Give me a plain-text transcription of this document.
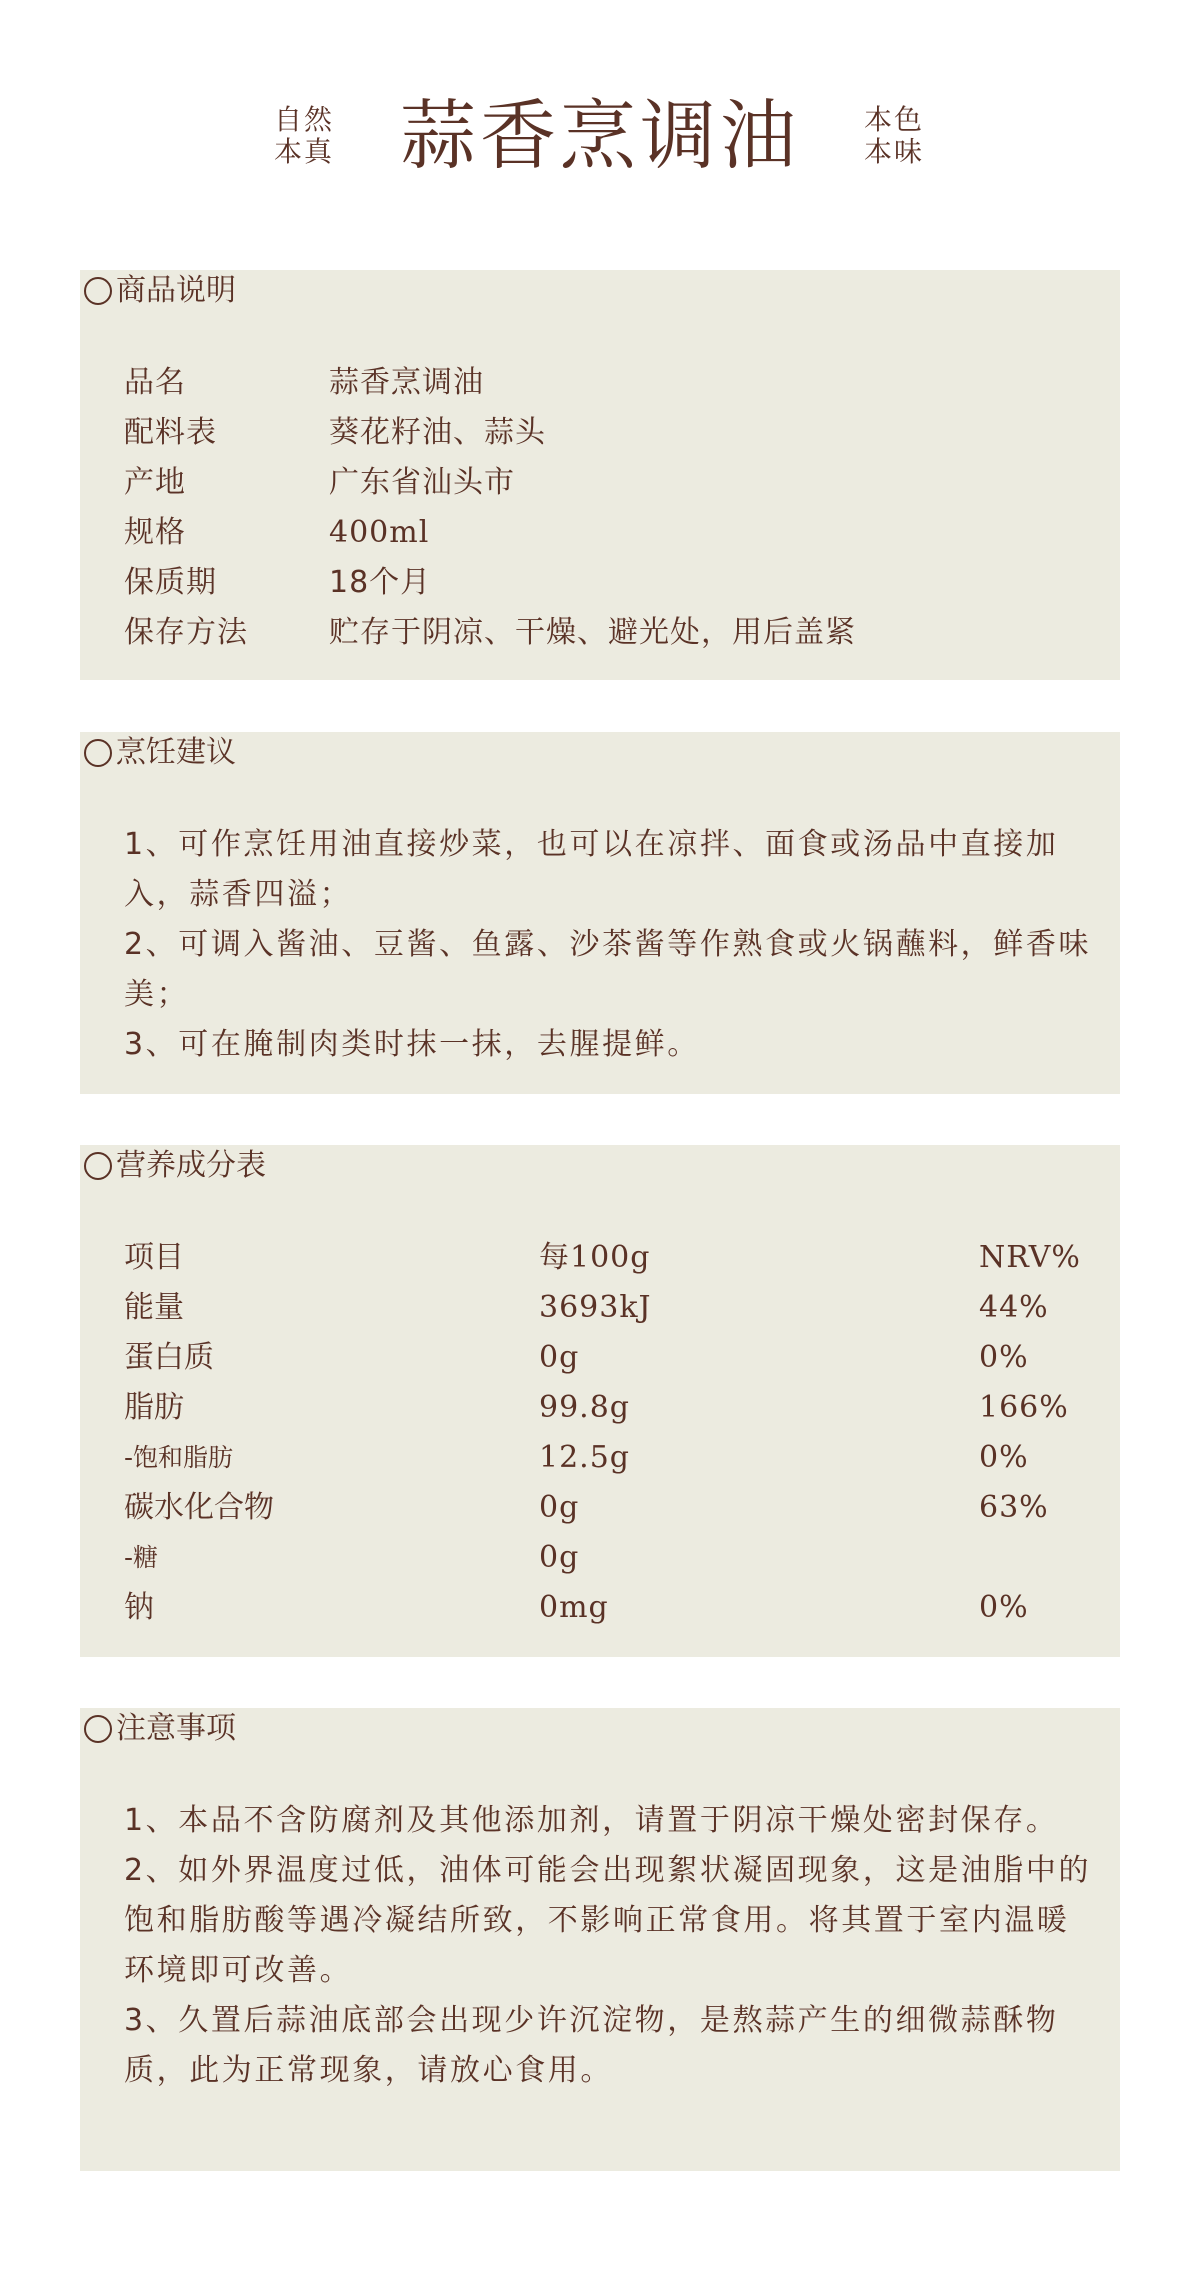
自然
本真 蒜香烹调油	本色
本味
商品说明
品名	蒜香烹调油
配料表	葵花籽油、蒜头
产地	广东省汕头市
规格	400ml
保质期	18个月
保存方法	贮存于阴凉、干燥、避光处，用后盖紧
烹饪建议

1、可作烹饪用油直接炒菜，也可以在凉拌、面食或汤品中直接加入，蒜香四溢；

2、可调入酱油、豆酱、鱼露、沙茶酱等作熟食或火锅蘸料，鲜香味美；

3、可在腌制肉类时抹一抹，去腥提鲜。

营养成分表
项目	每100g	NRV%
能量	3693kJ	44%
蛋白质	0g	0%
脂肪	99.8g	166%
-饱和脂肪	12.5g	0%
碳水化合物	0g	63%
-糖	0g
钠	0mg	0%
注意事项

1、本品不含防腐剂及其他添加剂，请置于阴凉干燥处密封保存。

2、如外界温度过低，油体可能会出现絮状凝固现象，这是油脂中的饱和脂肪酸等遇冷凝结所致，不影响正常食用。将其置于室内温暖环境即可改善。

3、久置后蒜油底部会出现少许沉淀物，是熬蒜产生的细微蒜酥物质，此为正常现象，请放心食用。
